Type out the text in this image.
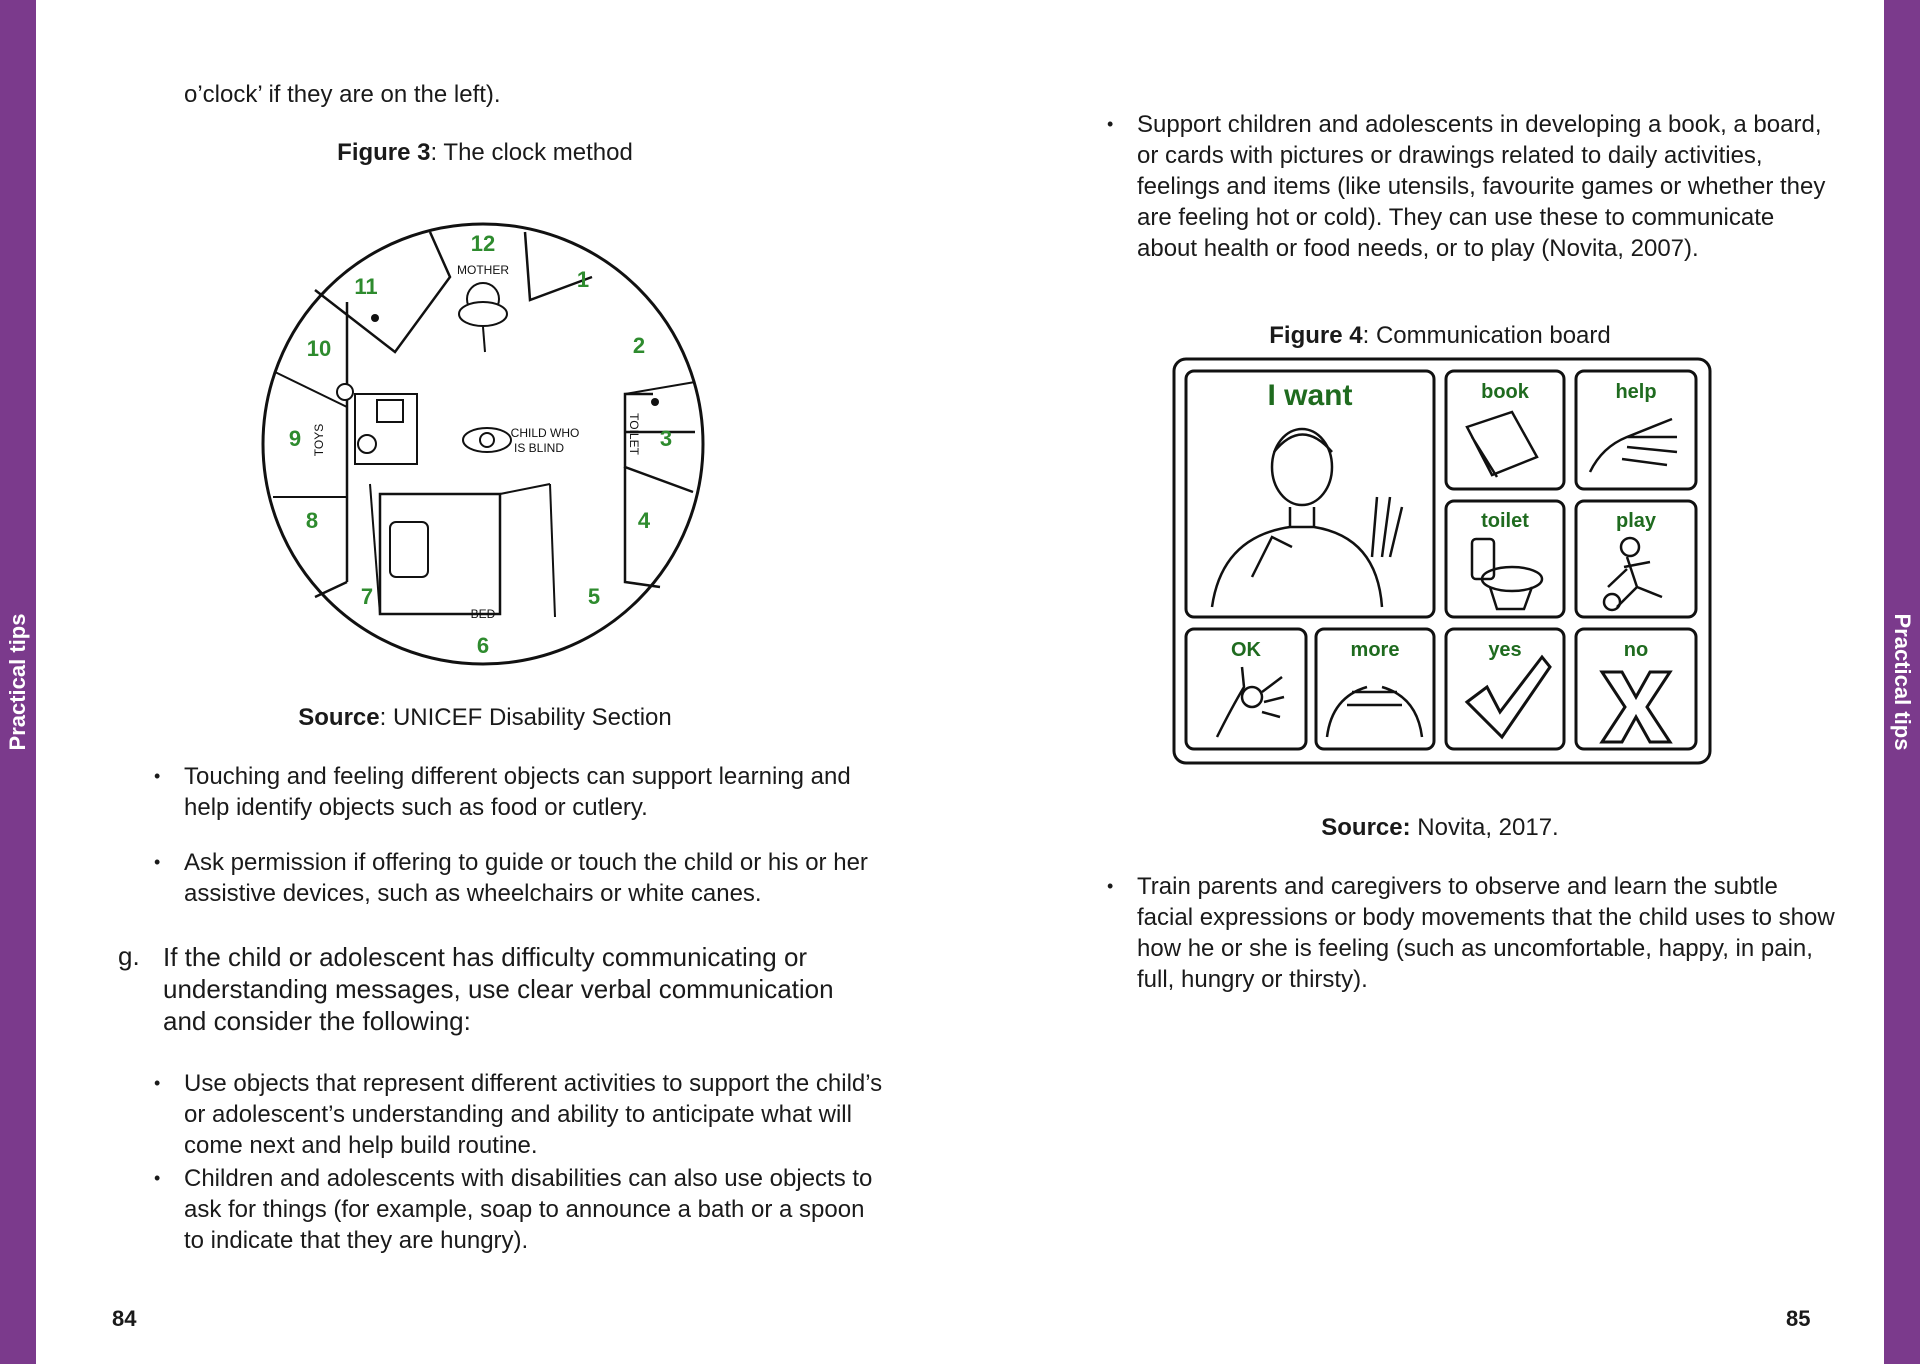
Practical tips	Practical tips
o’clock’ if they are on the left).
Figure 3: The clock method
12
1
2
3
4
5
6
7
8
9
10
11
MOTHER
CHILD WHO
IS BLIND
BED
TOILET
TOYS
Source: UNICEF Disability Section
• Touching and feeling different objects can support learning and help identify objects such as food or cutlery.
• Ask permission if offering to guide or touch the child or his or her assistive devices, such as wheelchairs or white canes.
g. If the child or adolescent has difficulty communicating or understanding messages, use clear verbal communication and consider the following:
• Use objects that represent different activities to support the child’s or adolescent’s understanding and ability to anticipate what will come next and help build routine.
• Children and adolescents with disabilities can also use objects to ask for things (for example, soap to announce a bath or a spoon to indicate that they are hungry).
84
• Support children and adolescents in developing a book, a board, or cards with pictures or drawings related to daily activities, feelings and items (like utensils, favourite games or whether they are feeling hot or cold). They can use these to communicate about health or food needs, or to play (Novita, 2007).
Figure 4: Communication board
I want	book	help
toilet	play
OK	more	yes	no
Source: Novita, 2017.
• Train parents and caregivers to observe and learn the subtle facial expressions or body movements that the child uses to show how he or she is feeling (such as uncomfortable, happy, in pain, full, hungry or thirsty).
85
